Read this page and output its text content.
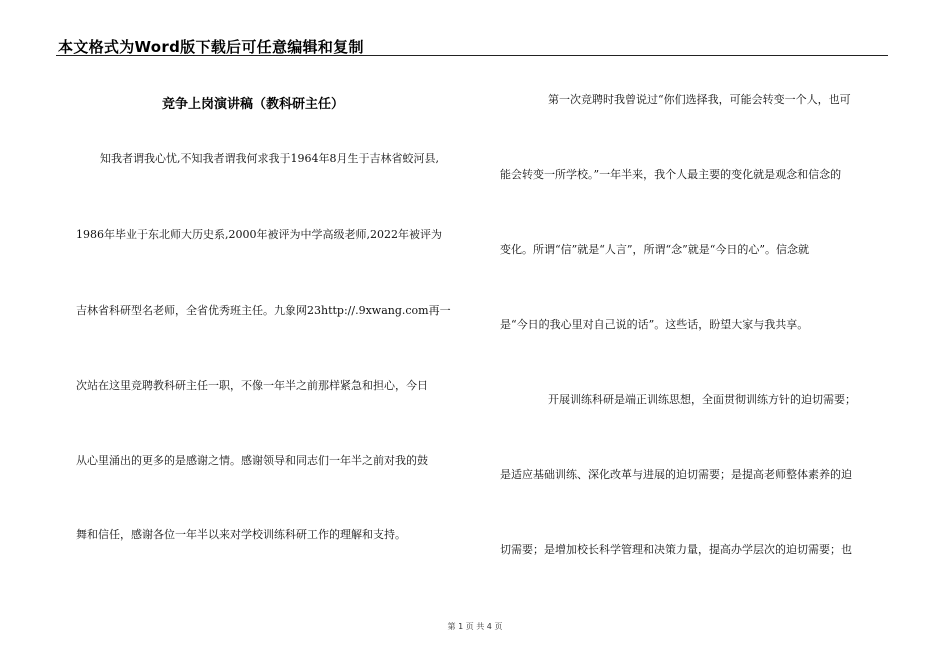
本文格式为Word版下载后可任意编辑和复制
竞争上岗演讲稿（教科研主任）
知我者谓我心忧,不知我者谓我何求我于1964年8月生于吉林省蛟河县,
1986年毕业于东北师大历史系,2000年被评为中学高级老师,2022年被评为
吉林省科研型名老师，全省优秀班主任。九象网23http://.9xwang.com再一
次站在这里竞聘教科研主任一职，不像一年半之前那样紧急和担心，今日
从心里涌出的更多的是感谢之情。感谢领导和同志们一年半之前对我的鼓
舞和信任，感谢各位一年半以来对学校训练科研工作的理解和支持。
第一次竞聘时我曾说过“你们选择我，可能会转变一个人，也可
能会转变一所学校。”一年半来，我个人最主要的变化就是观念和信念的
变化。所谓“信”就是“人言”，所谓“念”就是“今日的心”。信念就
是“今日的我心里对自己说的话”。这些话，盼望大家与我共享。
开展训练科研是端正训练思想，全面贯彻训练方针的迫切需要；
是适应基础训练、深化改革与进展的迫切需要；是提高老师整体素养的迫
切需要；是增加校长科学管理和决策力量，提高办学层次的迫切需要；也
第 1 页 共 4 页
